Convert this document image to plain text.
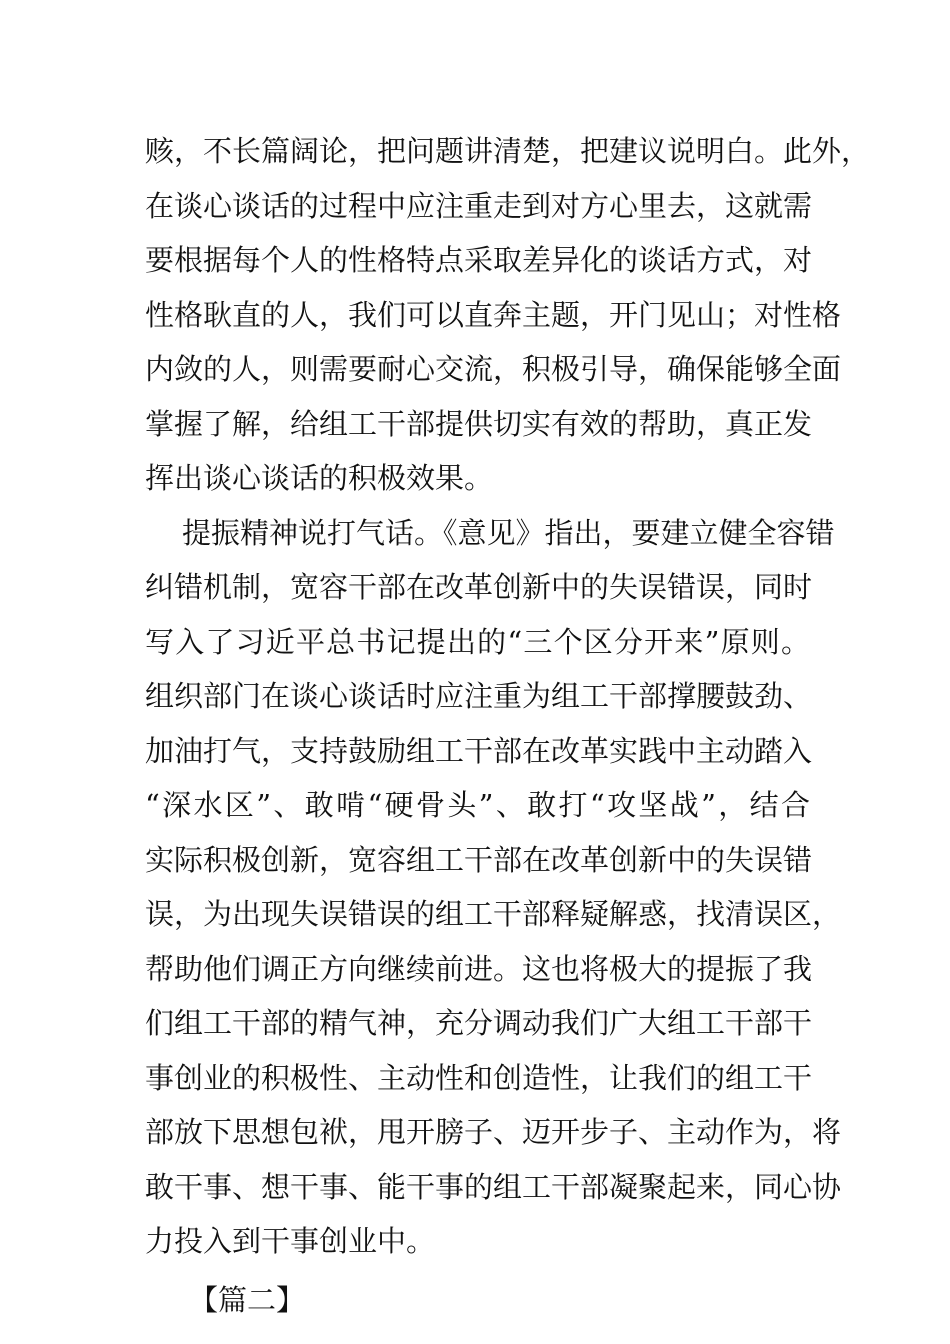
赅，不长篇阔论，把问题讲清楚，把建议说明白。此外，
在谈心谈话的过程中应注重走到对方心里去，这就需
要根据每个人的性格特点采取差异化的谈话方式，对
性格耿直的人，我们可以直奔主题，开门见山；对性格
内敛的人，则需要耐心交流，积极引导，确保能够全面
掌握了解，给组工干部提供切实有效的帮助，真正发
挥出谈心谈话的积极效果。
提振精神说打气话。《意见》指出，要建立健全容错
纠错机制，宽容干部在改革创新中的失误错误，同时
写入了习近平总书记提出的“三个区分开来”原则。
组织部门在谈心谈话时应注重为组工干部撑腰鼓劲、
加油打气，支持鼓励组工干部在改革实践中主动踏入
“深水区”、敢啃“硬骨头”、敢打“攻坚战”，结合
实际积极创新，宽容组工干部在改革创新中的失误错
误，为出现失误错误的组工干部释疑解惑，找清误区，
帮助他们调正方向继续前进。这也将极大的提振了我
们组工干部的精气神，充分调动我们广大组工干部干
事创业的积极性、主动性和创造性，让我们的组工干
部放下思想包袱，甩开膀子、迈开步子、主动作为，将
敢干事、想干事、能干事的组工干部凝聚起来，同心协
力投入到干事创业中。
【篇二】
